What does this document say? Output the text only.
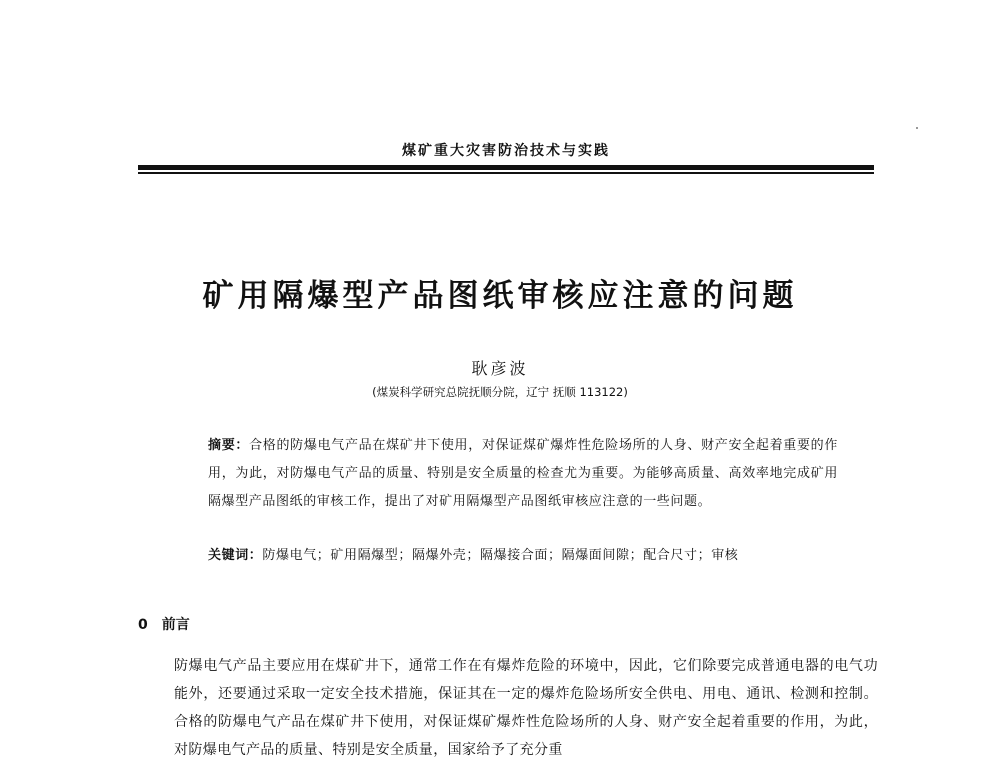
煤矿重大灾害防治技术与实践
矿用隔爆型产品图纸审核应注意的问题
耿彦波
(煤炭科学研究总院抚顺分院，辽宁 抚顺 113122)
摘要：合格的防爆电气产品在煤矿井下使用，对保证煤矿爆炸性危险场所的人身、财产安全起着重要的作用，为此，对防爆电气产品的质量、特别是安全质量的检查尤为重要。为能够高质量、高效率地完成矿用隔爆型产品图纸的审核工作，提出了对矿用隔爆型产品图纸审核应注意的一些问题。
关键词：防爆电气；矿用隔爆型；隔爆外壳；隔爆接合面；隔爆面间隙；配合尺寸；审核
0 前言
防爆电气产品主要应用在煤矿井下，通常工作在有爆炸危险的环境中，因此，它们除要完成普通电器的电气功能外，还要通过采取一定安全技术措施，保证其在一定的爆炸危险场所安全供电、用电、通讯、检测和控制。合格的防爆电气产品在煤矿井下使用，对保证煤矿爆炸性危险场所的人身、财产安全起着重要的作用，为此，对防爆电气产品的质量、特别是安全质量，国家给予了充分重
